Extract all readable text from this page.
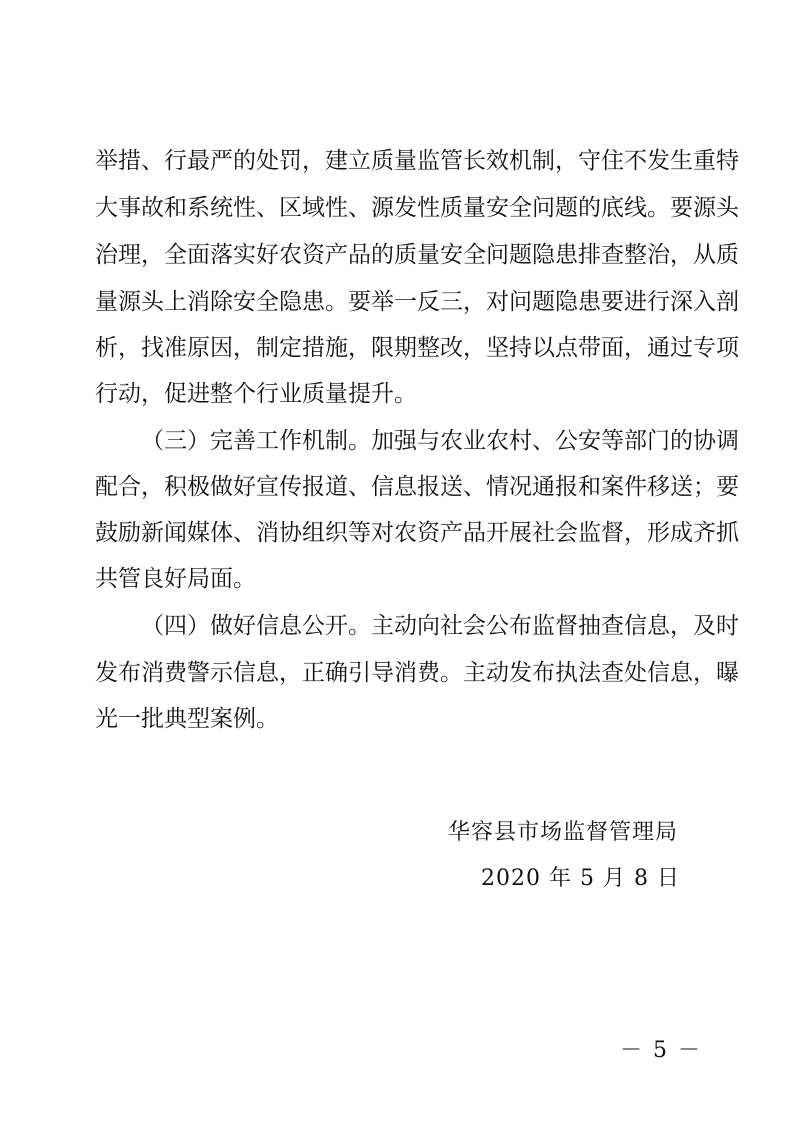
举措、行最严的处罚，建立质量监管长效机制，守住不发生重特
大事故和系统性、区域性、源发性质量安全问题的底线。要源头
治理，全面落实好农资产品的质量安全问题隐患排查整治，从质
量源头上消除安全隐患。要举一反三，对问题隐患要进行深入剖
析，找准原因，制定措施，限期整改，坚持以点带面，通过专项
行动，促进整个行业质量提升。
（三）完善工作机制。加强与农业农村、公安等部门的协调
配合，积极做好宣传报道、信息报送、情况通报和案件移送；要
鼓励新闻媒体、消协组织等对农资产品开展社会监督，形成齐抓
共管良好局面。
（四）做好信息公开。主动向社会公布监督抽查信息，及时
发布消费警示信息，正确引导消费。主动发布执法查处信息，曝
光一批典型案例。
华容县市场监督管理局
2020 年 5 月 8 日
－ 5 －
